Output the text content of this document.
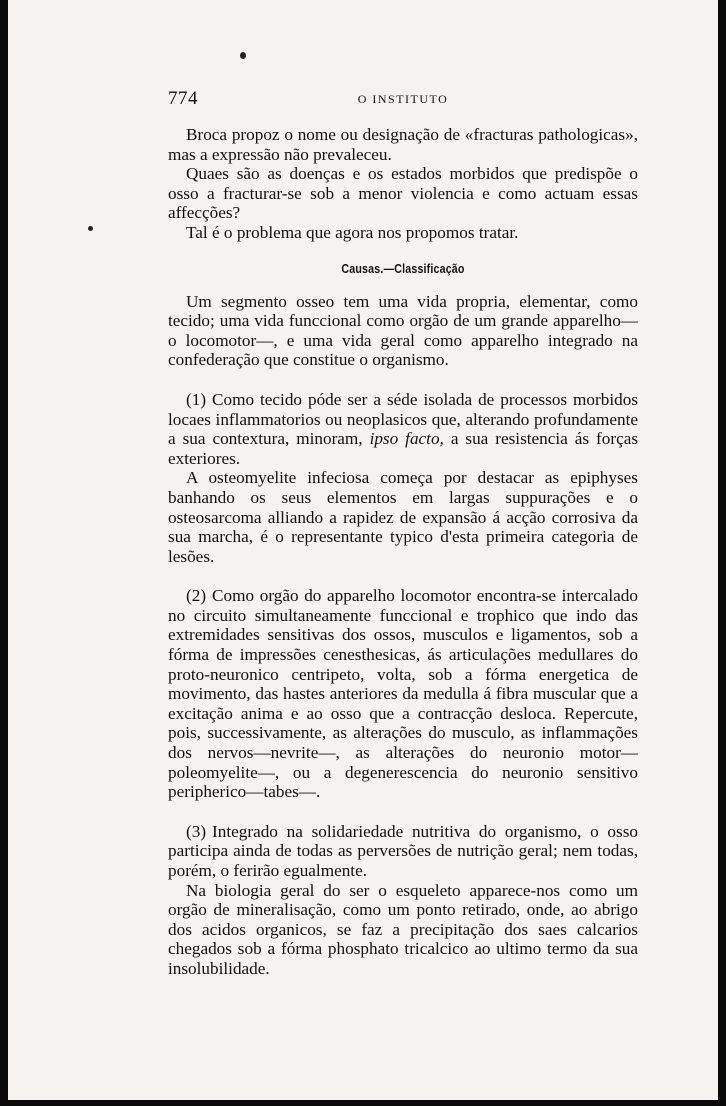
774	O INSTITUTO

Broca propoz o nome ou designação de «fracturas pathologicas», mas a expressão não prevaleceu.

Quaes são as doenças e os estados morbidos que predispõe o osso a fracturar-se sob a menor violencia e como actuam essas affecções?

Tal é o problema que agora nos propomos tratar.

Causas.—Classificação

Um segmento osseo tem uma vida propria, elementar, como tecido; uma vida funccional como orgão de um grande apparelho—o locomotor—, e uma vida geral como apparelho integrado na confederação que constitue o organismo.

(1) Como tecido póde ser a séde isolada de processos morbidos locaes inflammatorios ou neoplasicos que, alterando profundamente a sua contextura, minoram, ipso facto, a sua resistencia ás forças exteriores.

A osteomyelite infeciosa começa por destacar as epiphyses banhando os seus elementos em largas suppurações e o osteosarcoma alliando a rapidez de expansão á acção corrosiva da sua marcha, é o representante typico d'esta primeira categoria de lesões.

(2) Como orgão do apparelho locomotor encontra-se intercalado no circuito simultaneamente funccional e trophico que indo das extremidades sensitivas dos ossos, musculos e ligamentos, sob a fórma de impressões cenesthesicas, ás articulações medullares do proto-neuronico centripeto, volta, sob a fórma energetica de movimento, das hastes anteriores da medulla á fibra muscular que a excitação anima e ao osso que a contracção desloca. Repercute, pois, successivamente, as alterações do musculo, as inflammações dos nervos—nevrite—, as alterações do neuronio motor—poleomyelite—, ou a degenerescencia do neuronio sensitivo peripherico—tabes—.

(3) Integrado na solidariedade nutritiva do organismo, o osso participa ainda de todas as perversões de nutrição geral; nem todas, porém, o ferirão egualmente.

Na biologia geral do ser o esqueleto apparece-nos como um orgão de mineralisação, como um ponto retirado, onde, ao abrigo dos acidos organicos, se faz a precipitação dos saes calcarios chegados sob a fórma phosphato tricalcico ao ultimo termo da sua insolubilidade.
